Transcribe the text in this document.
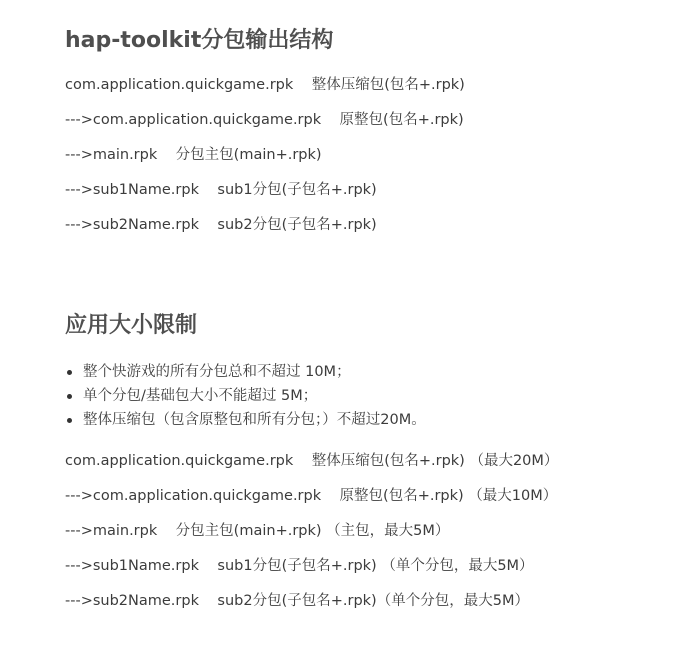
hap-toolkit分包输出结构
com.application.quickgame.rpk    整体压缩包(包名+.rpk)
--->com.application.quickgame.rpk    原整包(包名+.rpk)
--->main.rpk    分包主包(main+.rpk)
--->sub1Name.rpk    sub1分包(子包名+.rpk)
--->sub2Name.rpk    sub2分包(子包名+.rpk)
应用大小限制
整个快游戏的所有分包总和不超过 10M；
单个分包/基础包大小不能超过 5M；
整体压缩包（包含原整包和所有分包；）不超过20M。
com.application.quickgame.rpk    整体压缩包(包名+.rpk) （最大20M）
--->com.application.quickgame.rpk    原整包(包名+.rpk) （最大10M）
--->main.rpk    分包主包(main+.rpk) （主包，最大5M）
--->sub1Name.rpk    sub1分包(子包名+.rpk) （单个分包，最大5M）
--->sub2Name.rpk    sub2分包(子包名+.rpk)（单个分包，最大5M）
